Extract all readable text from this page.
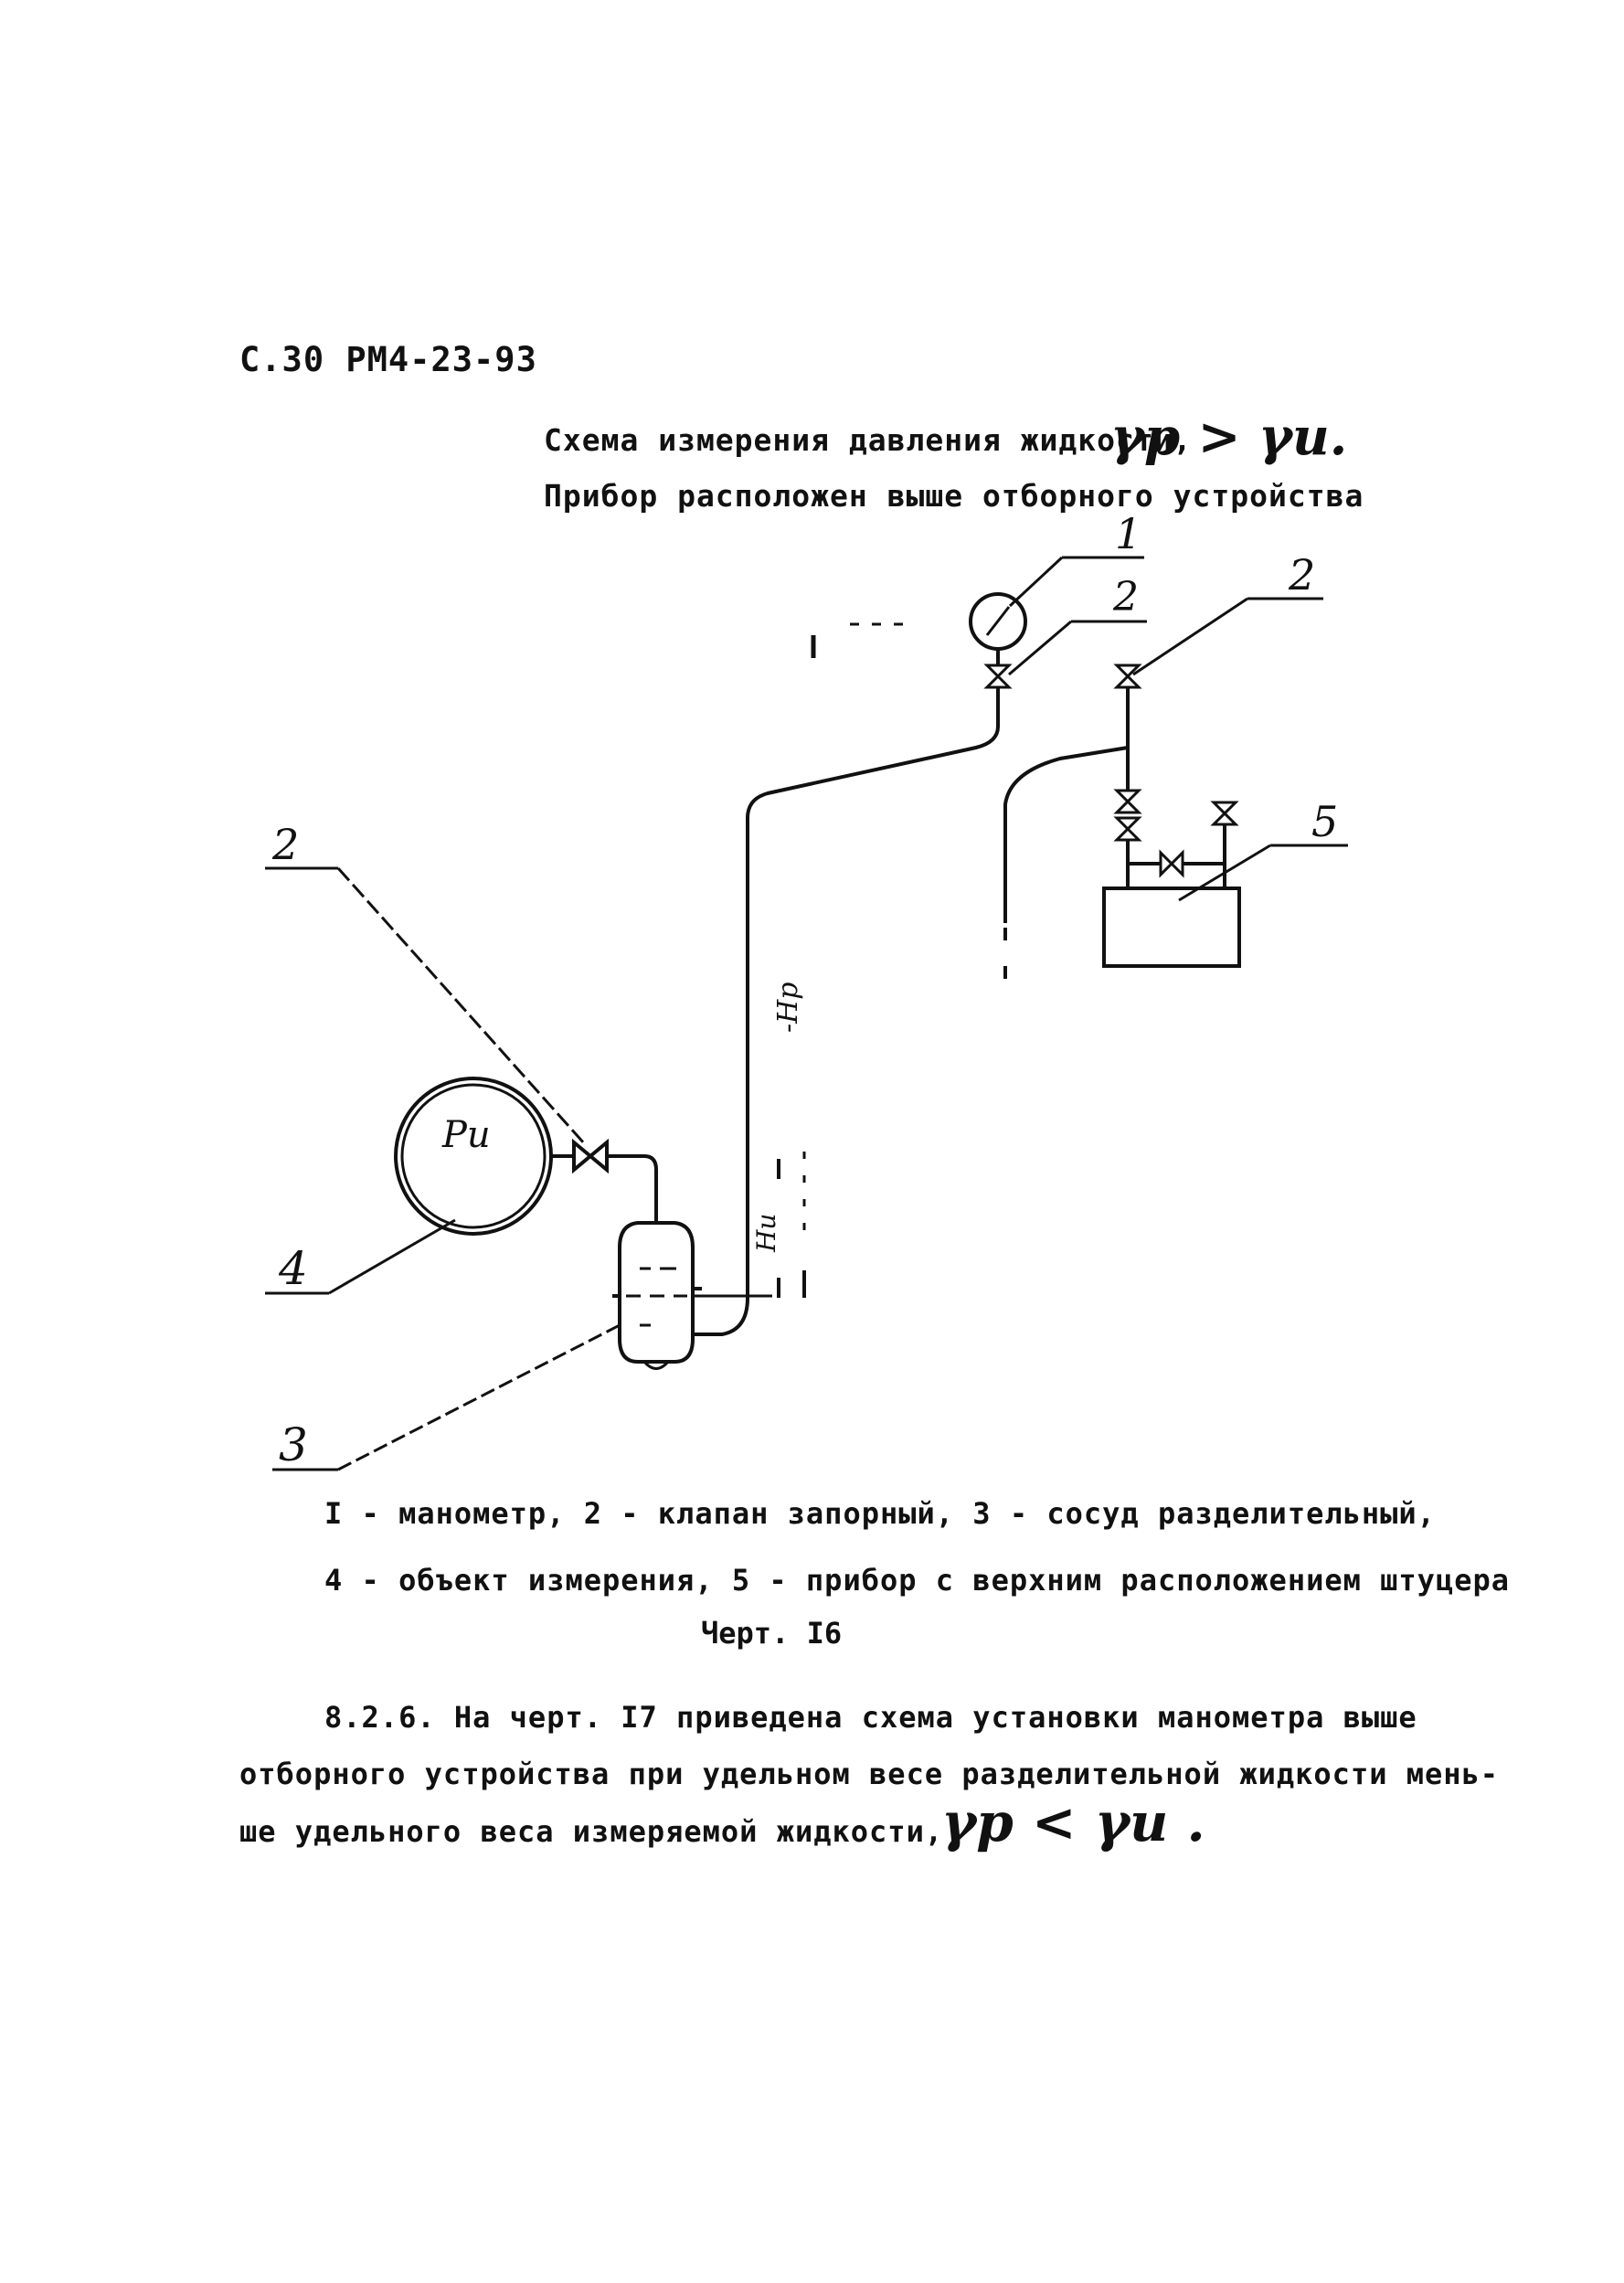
С.30 РМ4-23-93
Схема измерения давления жидкости,
γр > γи.
Прибор расположен выше отборного устройства
1
2	2
5
2
4
3
Ри
-Нр
Ни
I - манометр, 2 - клапан запорный, 3 - сосуд разделительный,
4 - объект измерения, 5 - прибор с верхним расположением штуцера
Черт. I6
8.2.6. На черт. I7 приведена схема установки манометра выше
отборного устройства при удельном весе разделительной жидкости мень-
ше удельного веса измеряемой жидкости,
γр < γи .
